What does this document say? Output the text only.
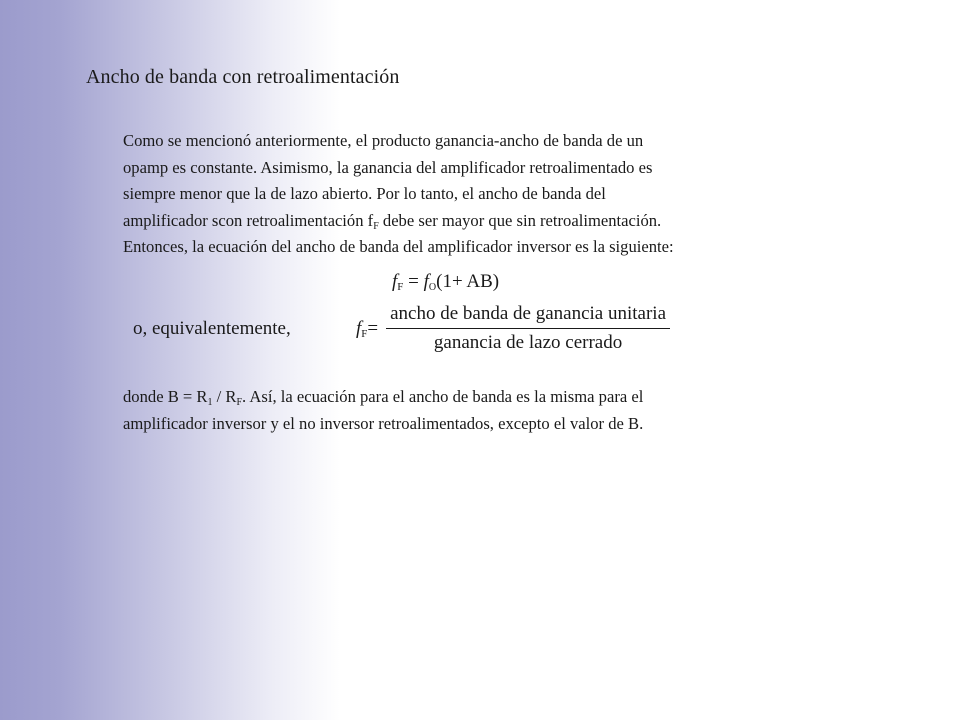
Ancho de banda con retroalimentación

Como se mencionó anteriormente, el producto ganancia-ancho de banda de un

opamp es constante. Asimismo, la ganancia del amplificador retroalimentado es

siempre menor que la de lazo abierto. Por lo tanto, el ancho de banda del

amplificador scon retroalimentación $f_F$ debe ser mayor que sin retroalimentación.

Entonces, la ecuación del ancho de banda del amplificador inversor es la siguiente:

$f_F = f_O(1+ AB)$
o, equivalentemente,	$f_F = \frac{\text{ancho de banda de ganancia unitaria}}{\text{ganancia de lazo cerrado}}$

donde $B = R_1 / R_F$. Así, la ecuación para el ancho de banda es la misma para el

amplificador inversor y el no inversor retroalimentados, excepto el valor de B.
